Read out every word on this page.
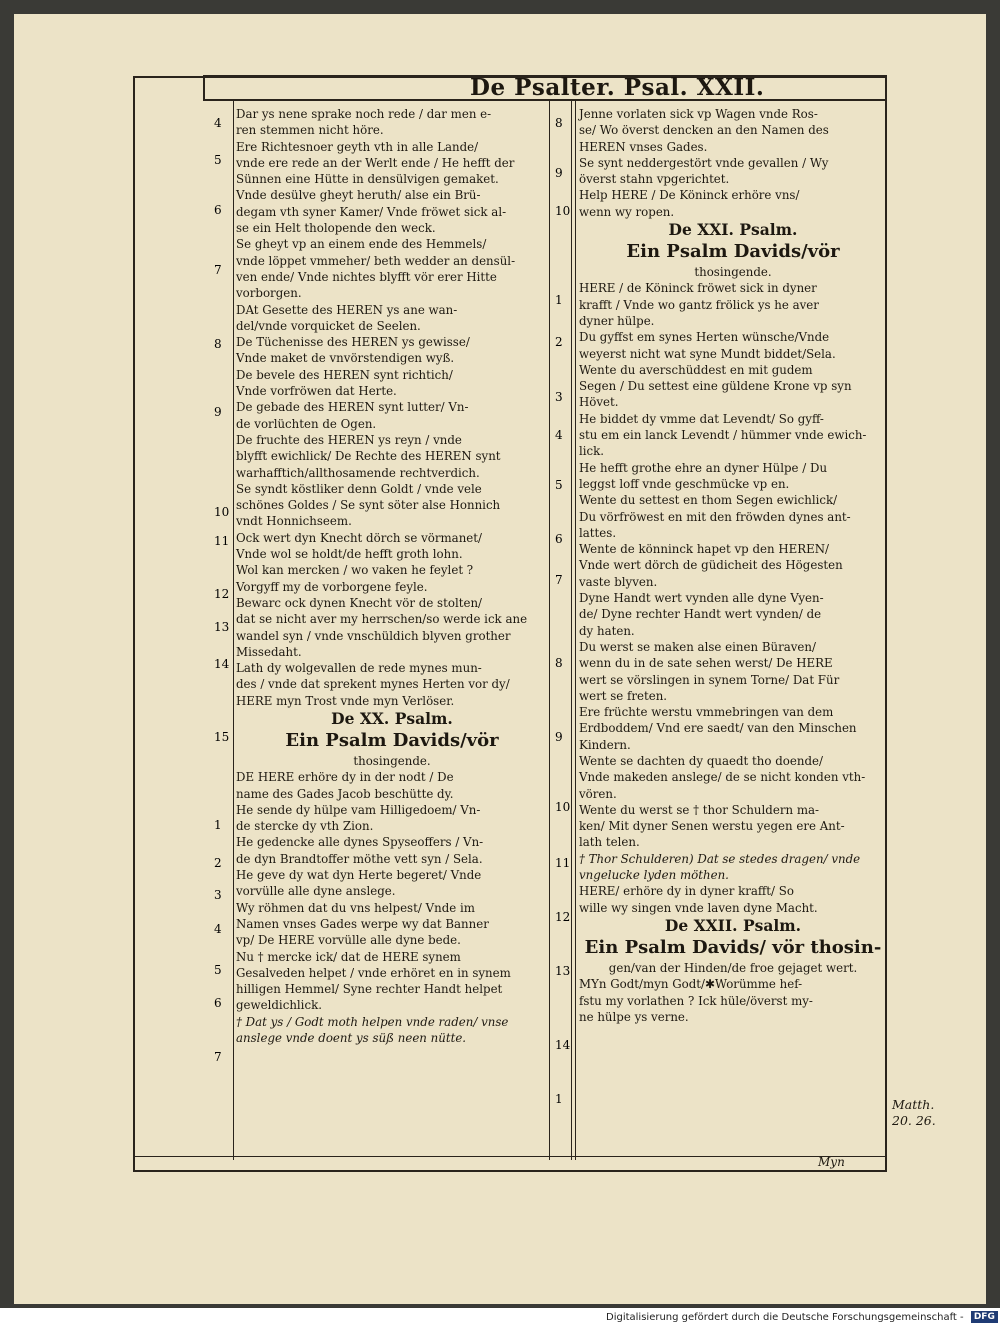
De Psalter. Psal. XXII.
Dar ys nene sprake noch rede / dar men e-
ren stemmen nicht höre.
Ere Richtesnoer geyth vth in alle Lande/
vnde ere rede an der Werlt ende / He hefft der
Sünnen eine Hütte in densülvigen gemaket.
Vnde desülve gheyt heruth/ alse ein Brü-
degam vth syner Kamer/ Vnde fröwet sick al-
se ein Helt tholopende den weck.
Se gheyt vp an einem ende des Hemmels/
vnde löppet vmmeher/ beth wedder an densül-
ven ende/ Vnde nichtes blyfft vör erer Hitte
vorborgen.
DAt Gesette des HEREN ys ane wan-
del/vnde vorquicket de Seelen.
De Tüchenisse des HEREN ys gewisse/
Vnde maket de vnvörstendigen wyß.
De bevele des HEREN synt richtich/
Vnde vorfröwen dat Herte.
De gebade des HEREN synt lutter/ Vn-
de vorlüchten de Ogen.
De fruchte des HEREN ys reyn / vnde
blyfft ewichlick/ De Rechte des HEREN synt
warhafftich/allthosamende rechtverdich.
Se syndt köstliker denn Goldt / vnde vele
schönes Goldes / Se synt söter alse Honnich
vndt Honnichseem.
Ock wert dyn Knecht dörch se vörmanet/
Vnde wol se holdt/de hefft groth lohn.
Wol kan mercken / wo vaken he feylet ?
Vorgyff my de vorborgene feyle.
Bewarc ock dynen Knecht vör de stolten/
dat se nicht aver my herrschen/so werde ick ane
wandel syn / vnde vnschüldich blyven grother
Missedaht.
Lath dy wolgevallen de rede mynes mun-
des / vnde dat sprekent mynes Herten vor dy/
HERE myn Trost vnde myn Verlöser.
De XX. Psalm.
Ein Psalm Davids/vör
thosingende.
DE HERE erhöre dy in der nodt / De
name des Gades Jacob beschütte dy.
He sende dy hülpe vam Hilligedoem/ Vn-
de stercke dy vth Zion.
He gedencke alle dynes Spyseoffers / Vn-
de dyn Brandtoffer möthe vett syn / Sela.
He geve dy wat dyn Herte begeret/ Vnde
vorvülle alle dyne anslege.
Wy röhmen dat du vns helpest/ Vnde im
Namen vnses Gades werpe wy dat Banner
vp/ De HERE vorvülle alle dyne bede.
Nu † mercke ick/ dat de HERE synem
Gesalveden helpet / vnde erhöret en in synem
hilligen Hemmel/ Syne rechter Handt helpet
geweldichlick.
† Dat ys / Godt moth helpen vnde raden/ vnse anslege vnde doent ys süß neen nütte.
Jenne vorlaten sick vp Wagen vnde Ros-
se/ Wo överst dencken an den Namen des
HEREN vnses Gades.
Se synt neddergestört vnde gevallen / Wy
överst stahn vpgerichtet.
Help HERE / De Köninck erhöre vns/
wenn wy ropen.
De XXI. Psalm.
Ein Psalm Davids/vör
thosingende.
HERE / de Köninck fröwet sick in dyner
krafft / Vnde wo gantz frölick ys he aver
dyner hülpe.
Du gyffst em synes Herten wünsche/Vnde
weyerst nicht wat syne Mundt biddet/Sela.
Wente du averschüddest en mit gudem
Segen / Du settest eine güldene Krone vp syn
Hövet.
He biddet dy vmme dat Levendt/ So gyff-
stu em ein lanck Levendt / hümmer vnde ewich-
lick.
He hefft grothe ehre an dyner Hülpe / Du
leggst loff vnde geschmücke vp en.
Wente du settest en thom Segen ewichlick/
Du vörfröwest en mit den fröwden dynes ant-
lattes.
Wente de könninck hapet vp den HEREN/
Vnde wert dörch de güdicheit des Högesten
vaste blyven.
Dyne Handt wert vynden alle dyne Vyen-
de/ Dyne rechter Handt wert vynden/ de
dy haten.
Du werst se maken alse einen Büraven/
wenn du in de sate sehen werst/ De HERE
wert se vörslingen in synem Torne/ Dat Für
wert se freten.
Ere früchte werstu vmmebringen van dem
Erdboddem/ Vnd ere saedt/ van den Minschen
Kindern.
Wente se dachten dy quaedt tho doende/
Vnde makeden anslege/ de se nicht konden vth-
vören.
Wente du werst se † thor Schuldern ma-
ken/ Mit dyner Senen werstu yegen ere Ant-
lath telen.
† Thor Schulderen) Dat se stedes dragen/ vnde vngelucke lyden möthen.
HERE/ erhöre dy in dyner krafft/ So
wille wy singen vnde laven dyne Macht.
De XXII. Psalm.
Ein Psalm Davids/ vör thosin-
gen/van der Hinden/de froe gejaget wert.
MYn Godt/myn Godt/✱Worümme hef-
fstu my vorlathen ? Ick hüle/överst my-
ne hülpe ys verne.
4
5
6
7
8
9
10
11
12
13
14
15
1
2
3
4
5
6
7
8
9
10
1
2
3
4
5
6
7
8
9
10
11
12
13
14
1	Matth. 20. 26.
Myn
Digitalisierung gefördert durch die Deutsche Forschungsgemeinschaft - DFG
